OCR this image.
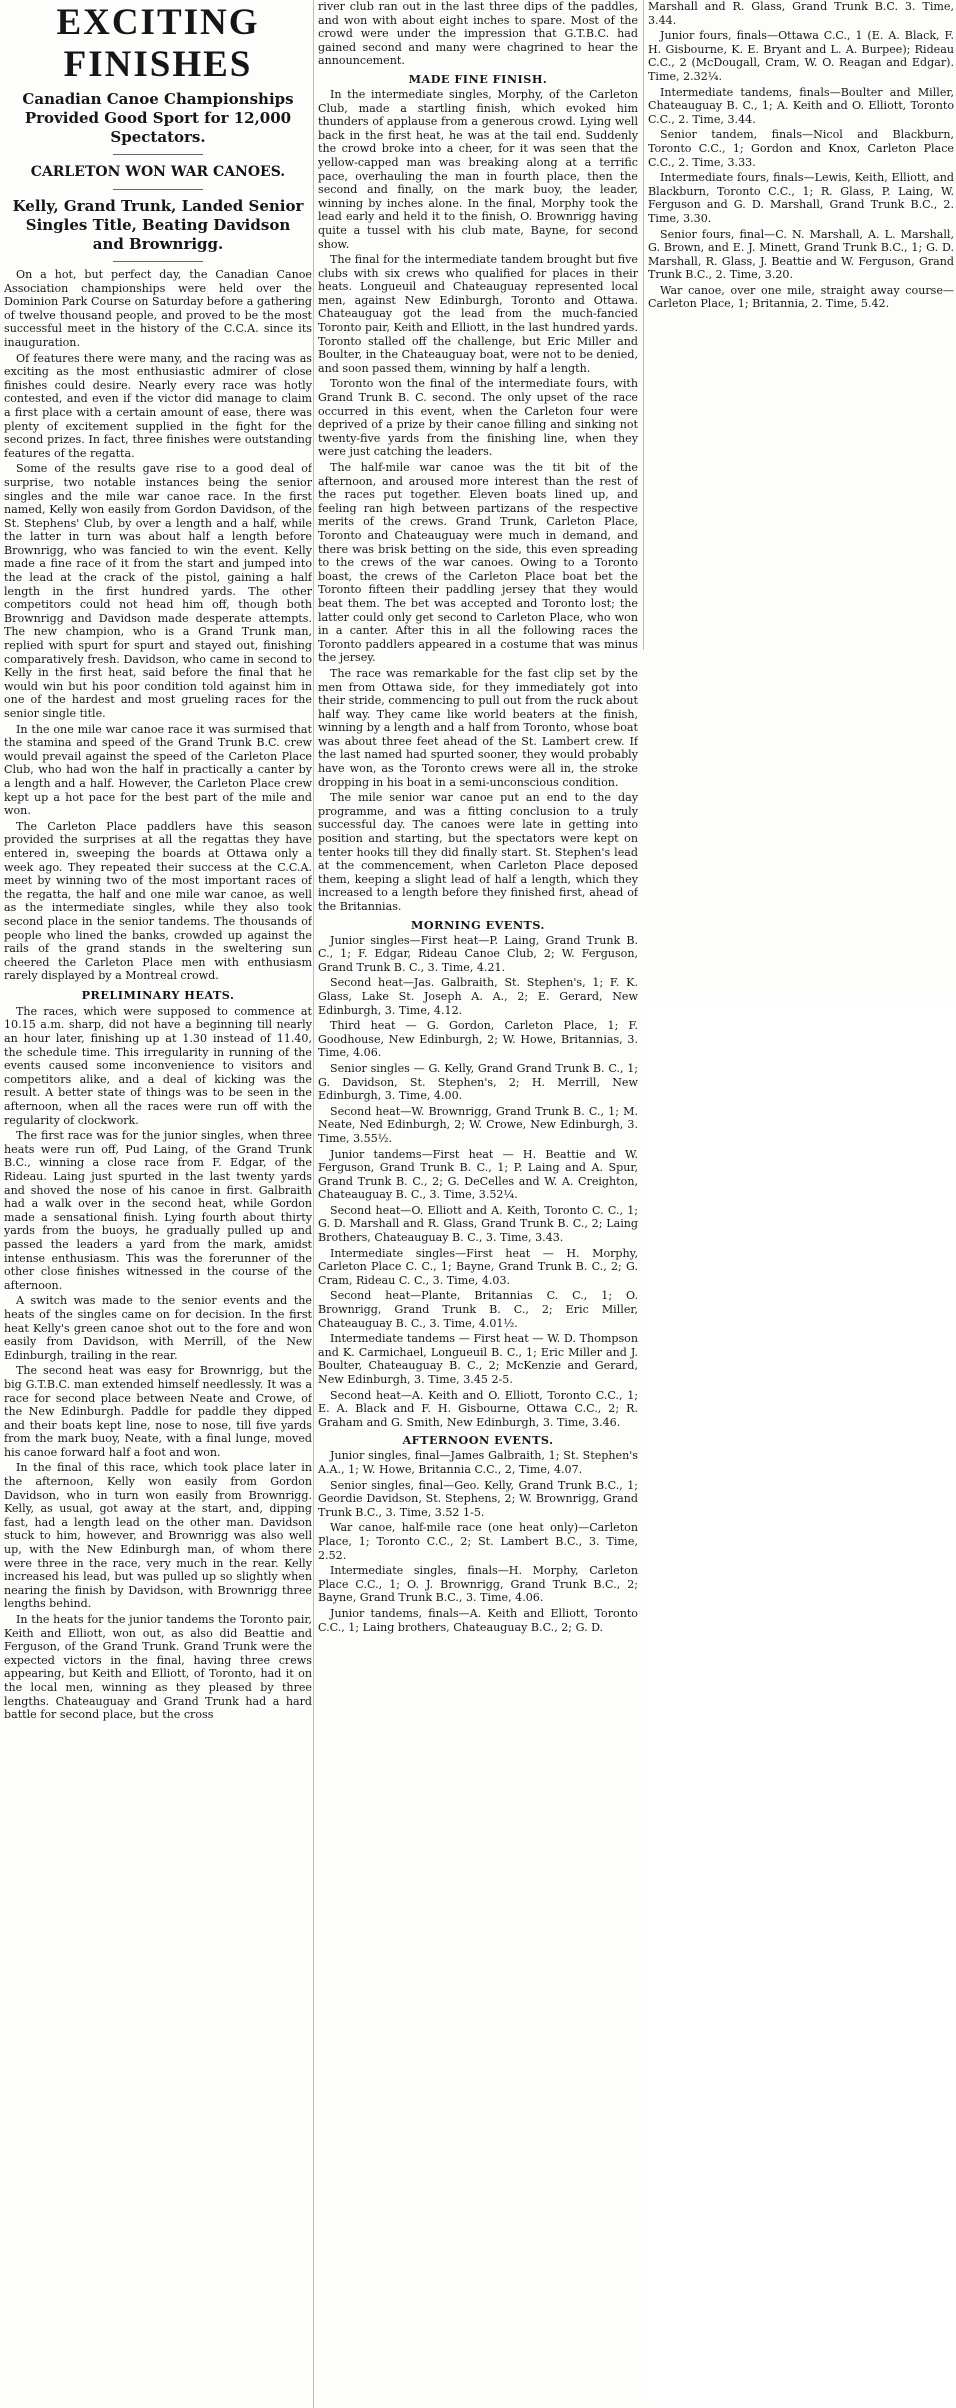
EXCITING FINISHES
Canadian Canoe Championships Provided Good Sport for 12,000 Spectators.
CARLETON WON WAR CANOES.
Kelly, Grand Trunk, Landed Senior Singles Title, Beating Davidson and Brownrigg.

On a hot, but perfect day, the Canadian Canoe Association championships were held over the Dominion Park Course on Saturday before a gathering of twelve thousand people, and proved to be the most successful meet in the history of the C.C.A. since its inauguration.

Of features there were many, and the racing was as exciting as the most enthusiastic admirer of close finishes could desire. Nearly every race was hotly contested, and even if the victor did manage to claim a first place with a certain amount of ease, there was plenty of excitement supplied in the fight for the second prizes. In fact, three finishes were outstanding features of the regatta.

Some of the results gave rise to a good deal of surprise, two notable instances being the senior singles and the mile war canoe race. In the first named, Kelly won easily from Gordon Davidson, of the St. Stephens' Club, by over a length and a half, while the latter in turn was about half a length before Brownrigg, who was fancied to win the event. Kelly made a fine race of it from the start and jumped into the lead at the crack of the pistol, gaining a half length in the first hundred yards. The other competitors could not head him off, though both Brownrigg and Davidson made desperate attempts. The new champion, who is a Grand Trunk man, replied with spurt for spurt and stayed out, finishing comparatively fresh. Davidson, who came in second to Kelly in the first heat, said before the final that he would win but his poor condition told against him in one of the hardest and most grueling races for the senior single title.

In the one mile war canoe race it was surmised that the stamina and speed of the Grand Trunk B.C. crew would prevail against the speed of the Carleton Place Club, who had won the half in practically a canter by a length and a half. However, the Carleton Place crew kept up a hot pace for the best part of the mile and won.

The Carleton Place paddlers have this season provided the surprises at all the regattas they have entered in, sweeping the boards at Ottawa only a week ago. They repeated their success at the C.C.A. meet by winning two of the most important races of the regatta, the half and one mile war canoe, as well as the intermediate singles, while they also took second place in the senior tandems. The thousands of people who lined the banks, crowded up against the rails of the grand stands in the sweltering sun cheered the Carleton Place men with enthusiasm rarely displayed by a Montreal crowd.

PRELIMINARY HEATS.

The races, which were supposed to commence at 10.15 a.m. sharp, did not have a beginning till nearly an hour later, finishing up at 1.30 instead of 11.40, the schedule time. This irregularity in running of the events caused some inconvenience to visitors and competitors alike, and a deal of kicking was the result. A better state of things was to be seen in the afternoon, when all the races were run off with the regularity of clockwork.

The first race was for the junior singles, when three heats were run off, Pud Laing, of the Grand Trunk B.C., winning a close race from F. Edgar, of the Rideau. Laing just spurted in the last twenty yards and shoved the nose of his canoe in first. Galbraith had a walk over in the second heat, while Gordon made a sensational finish. Lying fourth about thirty yards from the buoys, he gradually pulled up and passed the leaders a yard from the mark, amidst intense enthusiasm. This was the forerunner of the other close finishes witnessed in the course of the afternoon.

A switch was made to the senior events and the heats of the singles came on for decision. In the first heat Kelly's green canoe shot out to the fore and won easily from Davidson, with Merrill, of the New Edinburgh, trailing in the rear.

The second heat was easy for Brownrigg, but the big G.T.B.C. man extended himself needlessly. It was a race for second place between Neate and Crowe, of the New Edinburgh. Paddle for paddle they dipped and their boats kept line, nose to nose, till five yards from the mark buoy, Neate, with a final lunge, moved his canoe forward half a foot and won.

In the final of this race, which took place later in the afternoon, Kelly won easily from Gordon Davidson, who in turn won easily from Brownrigg. Kelly, as usual, got away at the start, and, dipping fast, had a length lead on the other man. Davidson stuck to him, however, and Brownrigg was also well up, with the New Edinburgh man, of whom there were three in the race, very much in the rear. Kelly increased his lead, but was pulled up so slightly when nearing the finish by Davidson, with Brownrigg three lengths behind.

In the heats for the junior tandems the Toronto pair, Keith and Elliott, won out, as also did Beattie and Ferguson, of the Grand Trunk. Grand Trunk were the expected victors in the final, having three crews appearing, but Keith and Elliott, of Toronto, had it on the local men, winning as they pleased by three lengths. Chateauguay and Grand Trunk had a hard battle for second place, but the cross

river club ran out in the last three dips of the paddles, and won with about eight inches to spare. Most of the crowd were under the impression that G.T.B.C. had gained second and many were chagrined to hear the announcement.

MADE FINE FINISH.

In the intermediate singles, Morphy, of the Carleton Club, made a startling finish, which evoked him thunders of applause from a generous crowd. Lying well back in the first heat, he was at the tail end. Suddenly the crowd broke into a cheer, for it was seen that the yellow-capped man was breaking along at a terrific pace, overhauling the man in fourth place, then the second and finally, on the mark buoy, the leader, winning by inches alone. In the final, Morphy took the lead early and held it to the finish, O. Brownrigg having quite a tussel with his club mate, Bayne, for second show.

The final for the intermediate tandem brought but five clubs with six crews who qualified for places in their heats. Longueuil and Chateauguay represented local men, against New Edinburgh, Toronto and Ottawa. Chateauguay got the lead from the much-fancied Toronto pair, Keith and Elliott, in the last hundred yards. Toronto stalled off the challenge, but Eric Miller and Boulter, in the Chateauguay boat, were not to be denied, and soon passed them, winning by half a length.

Toronto won the final of the intermediate fours, with Grand Trunk B. C. second. The only upset of the race occurred in this event, when the Carleton four were deprived of a prize by their canoe filling and sinking not twenty-five yards from the finishing line, when they were just catching the leaders.

The half-mile war canoe was the tit bit of the afternoon, and aroused more interest than the rest of the races put together. Eleven boats lined up, and feeling ran high between partizans of the respective merits of the crews. Grand Trunk, Carleton Place, Toronto and Chateauguay were much in demand, and there was brisk betting on the side, this even spreading to the crews of the war canoes. Owing to a Toronto boast, the crews of the Carleton Place boat bet the Toronto fifteen their paddling jersey that they would beat them. The bet was accepted and Toronto lost; the latter could only get second to Carleton Place, who won in a canter. After this in all the following races the Toronto paddlers appeared in a costume that was minus the jersey.

The race was remarkable for the fast clip set by the men from Ottawa side, for they immediately got into their stride, commencing to pull out from the ruck about half way. They came like world beaters at the finish, winning by a length and a half from Toronto, whose boat was about three feet ahead of the St. Lambert crew. If the last named had spurted sooner, they would probably have won, as the Toronto crews were all in, the stroke dropping in his boat in a semi-unconscious condition.

The mile senior war canoe put an end to the day programme, and was a fitting conclusion to a truly successful day. The canoes were late in getting into position and starting, but the spectators were kept on tenter hooks till they did finally start. St. Stephen's lead at the commencement, when Carleton Place deposed them, keeping a slight lead of half a length, which they increased to a length before they finished first, ahead of the Britannias.

MORNING EVENTS.

Junior singles—First heat—P. Laing, Grand Trunk B. C., 1; F. Edgar, Rideau Canoe Club, 2; W. Ferguson, Grand Trunk B. C., 3. Time, 4.21.

Second heat—Jas. Galbraith, St. Stephen's, 1; F. K. Glass, Lake St. Joseph A. A., 2; E. Gerard, New Edinburgh, 3. Time, 4.12.

Third heat — G. Gordon, Carleton Place, 1; F. Goodhouse, New Edinburgh, 2; W. Howe, Britannias, 3. Time, 4.06.

Senior singles — G. Kelly, Grand Grand Trunk B. C., 1; G. Davidson, St. Stephen's, 2; H. Merrill, New Edinburgh, 3. Time, 4.00.

Second heat—W. Brownrigg, Grand Trunk B. C., 1; M. Neate, Ned Edinburgh, 2; W. Crowe, New Edinburgh, 3. Time, 3.55½.

Junior tandems—First heat — H. Beattie and W. Ferguson, Grand Trunk B. C., 1; P. Laing and A. Spur, Grand Trunk B. C., 2; G. DeCelles and W. A. Creighton, Chateauguay B. C., 3. Time, 3.52¼.

Second heat—O. Elliott and A. Keith, Toronto C. C., 1; G. D. Marshall and R. Glass, Grand Trunk B. C., 2; Laing Brothers, Chateauguay B. C., 3. Time, 3.43.

Intermediate singles—First heat — H. Morphy, Carleton Place C. C., 1; Bayne, Grand Trunk B. C., 2; G. Cram, Rideau C. C., 3. Time, 4.03.

Second heat—Plante, Britannias C. C., 1; O. Brownrigg, Grand Trunk B. C., 2; Eric Miller, Chateauguay B. C., 3. Time, 4.01½.

Intermediate tandems — First heat — W. D. Thompson and K. Carmichael, Longueuil B. C., 1; Eric Miller and J. Boulter, Chateauguay B. C., 2; McKenzie and Gerard, New Edinburgh, 3. Time, 3.45 2-5.

Second heat—A. Keith and O. Elliott, Toronto C.C., 1; E. A. Black and F. H. Gisbourne, Ottawa C.C., 2; R. Graham and G. Smith, New Edinburgh, 3. Time, 3.46.

AFTERNOON EVENTS.

Junior singles, final—James Galbraith, 1; St. Stephen's A.A., 1; W. Howe, Britannia C.C., 2, Time, 4.07.

Senior singles, final—Geo. Kelly, Grand Trunk B.C., 1; Geordie Davidson, St. Stephens, 2; W. Brownrigg, Grand Trunk B.C., 3. Time, 3.52 1-5.

War canoe, half-mile race (one heat only)—Carleton Place, 1; Toronto C.C., 2; St. Lambert B.C., 3. Time, 2.52.

Intermediate singles, finals—H. Morphy, Carleton Place C.C., 1; O. J. Brownrigg, Grand Trunk B.C., 2; Bayne, Grand Trunk B.C., 3. Time, 4.06.

Junior tandems, finals—A. Keith and Elliott, Toronto C.C., 1; Laing brothers, Chateauguay B.C., 2; G. D.

Marshall and R. Glass, Grand Trunk B.C. 3. Time, 3.44.

Junior fours, finals—Ottawa C.C., 1 (E. A. Black, F. H. Gisbourne, K. E. Bryant and L. A. Burpee); Rideau C.C., 2 (McDougall, Cram, W. O. Reagan and Edgar). Time, 2.32¼.

Intermediate tandems, finals—Boulter and Miller, Chateauguay B. C., 1; A. Keith and O. Elliott, Toronto C.C., 2. Time, 3.44.

Senior tandem, finals—Nicol and Blackburn, Toronto C.C., 1; Gordon and Knox, Carleton Place C.C., 2. Time, 3.33.

Intermediate fours, finals—Lewis, Keith, Elliott, and Blackburn, Toronto C.C., 1; R. Glass, P. Laing, W. Ferguson and G. D. Marshall, Grand Trunk B.C., 2. Time, 3.30.

Senior fours, final—C. N. Marshall, A. L. Marshall, G. Brown, and E. J. Minett, Grand Trunk B.C., 1; G. D. Marshall, R. Glass, J. Beattie and W. Ferguson, Grand Trunk B.C., 2. Time, 3.20.

War canoe, over one mile, straight away course—Carleton Place, 1; Britannia, 2. Time, 5.42.
